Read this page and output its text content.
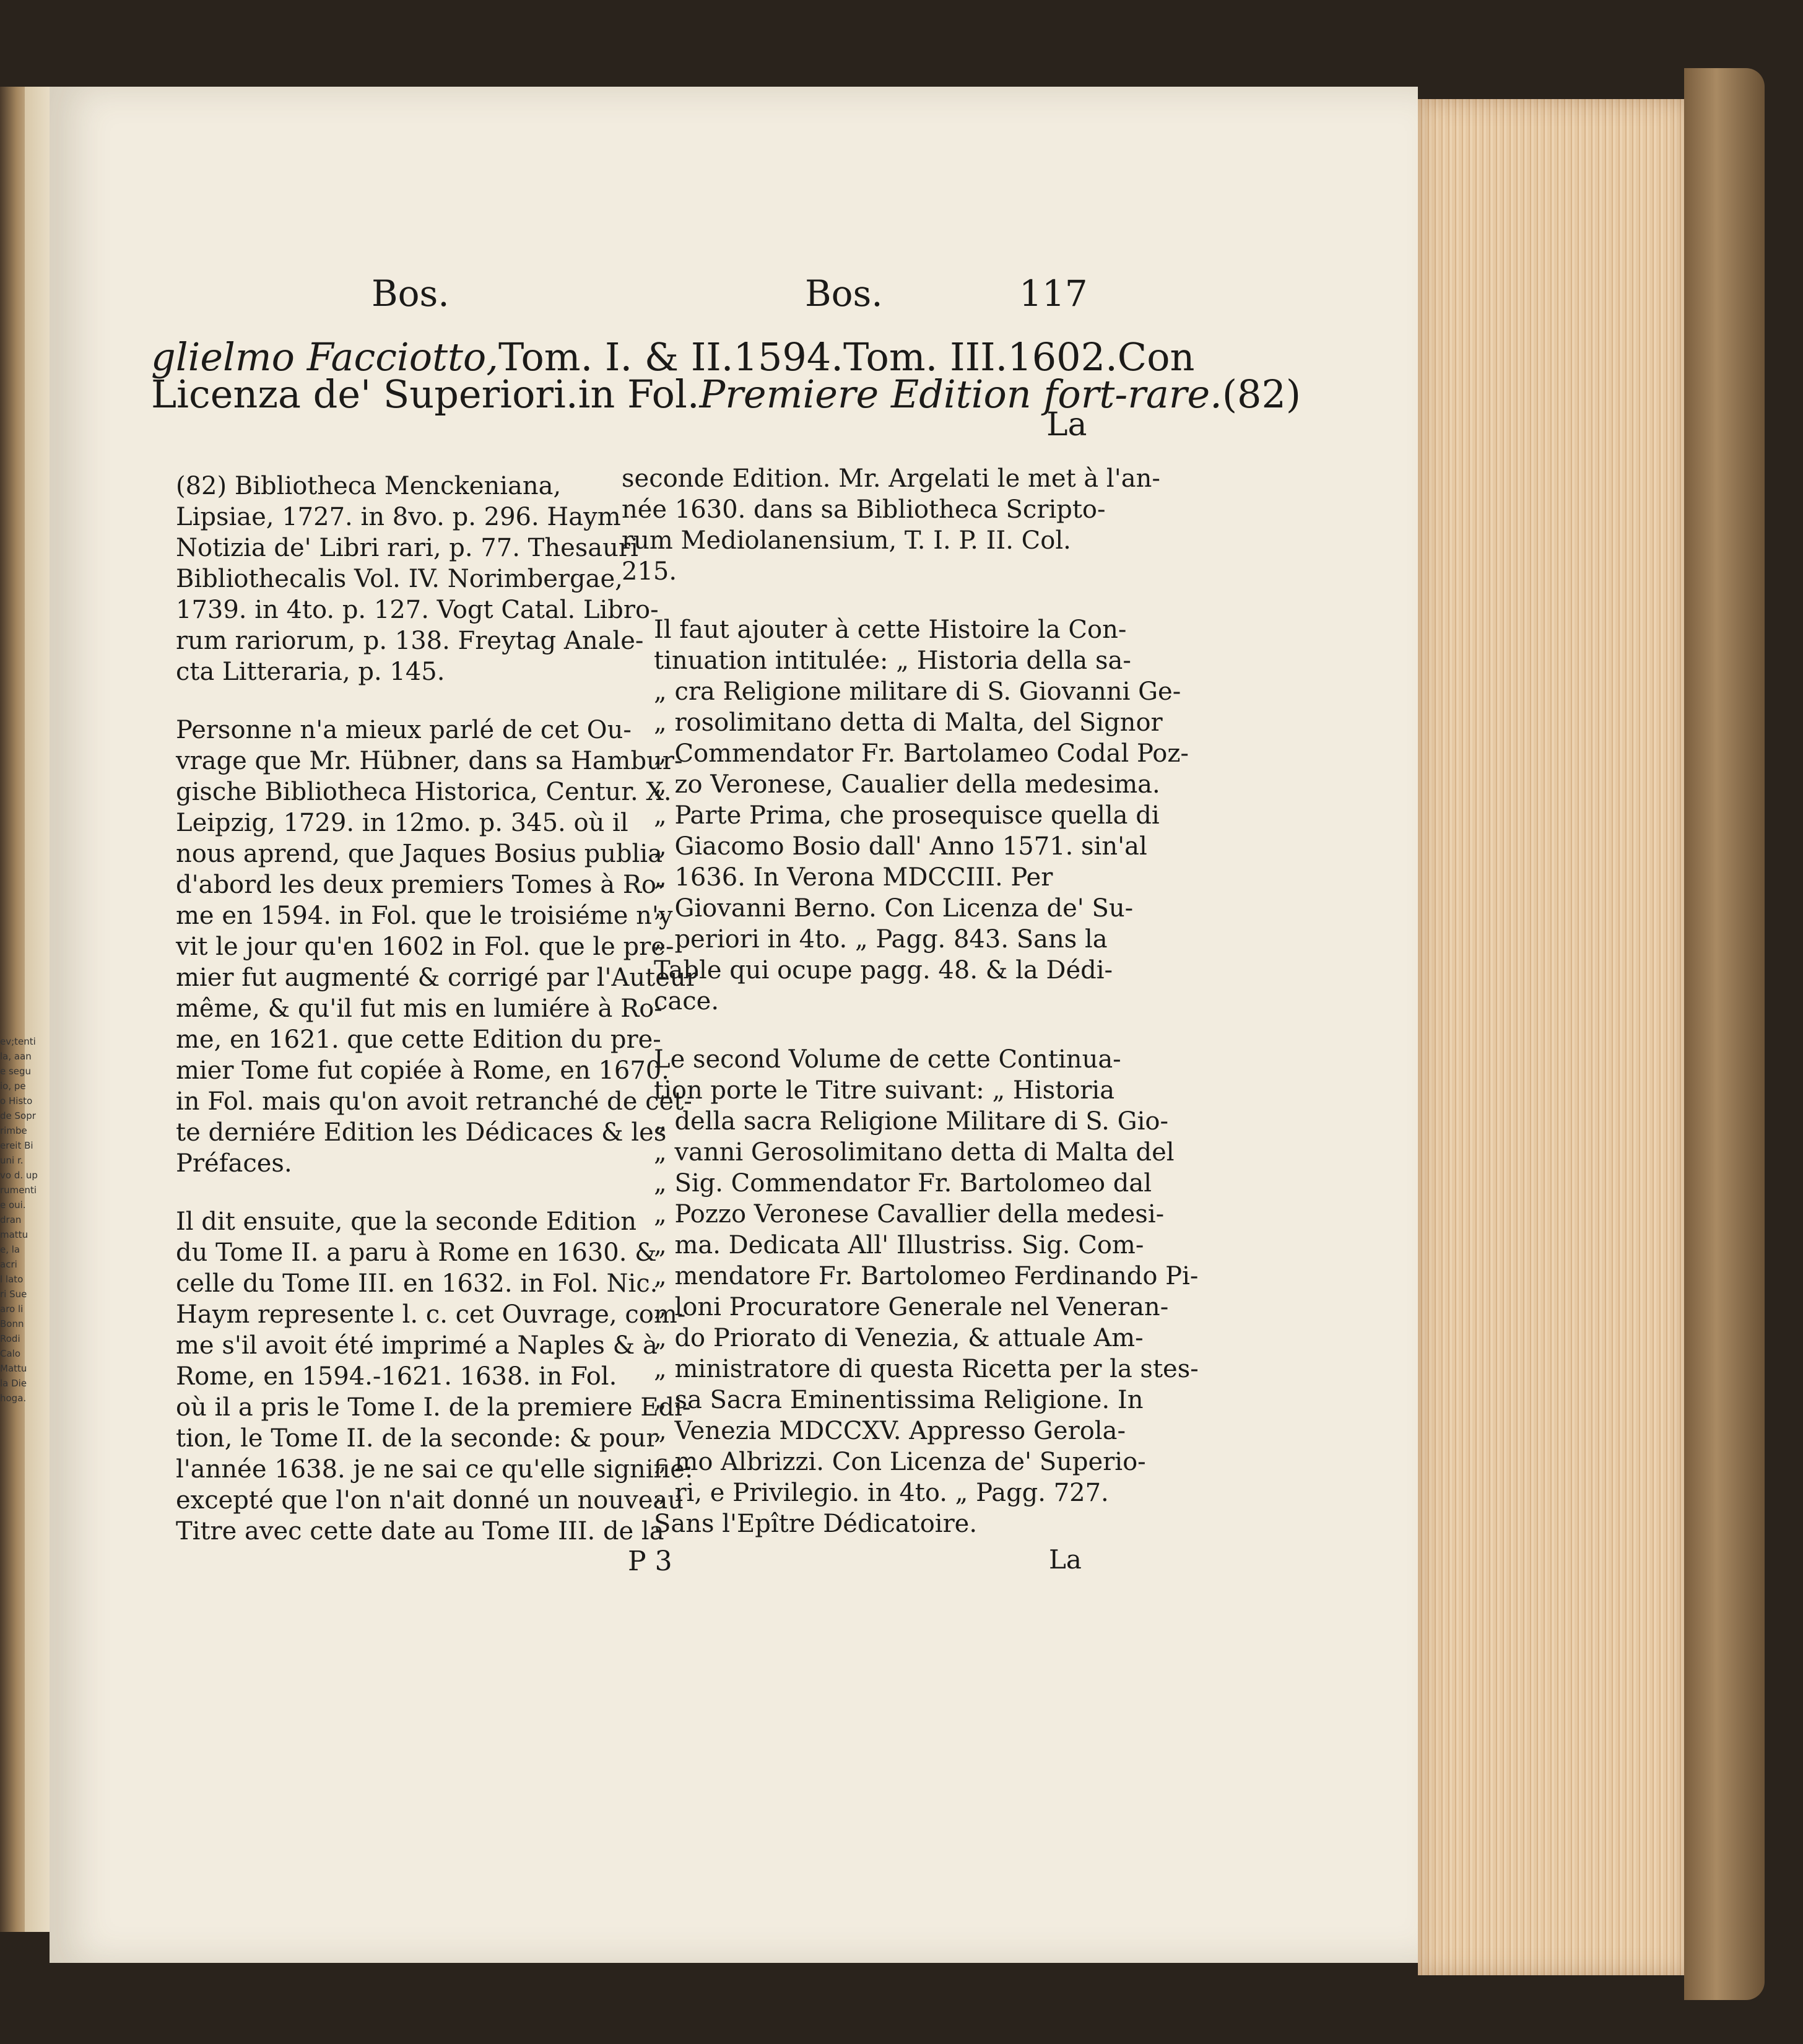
ev;tenti
la, aan
e segu
io, pe
o Histo
de Sopr
rimbe
ereit Bi
uni r.
vo d. up
rumenti
e oui.
dran
mattu
e, la
acri
l lato
ri Sue
aro li
Bonn
Rodi
Calo
Mattu
la Die
hoga.
Bos.	Bos.	117
glielmo Facciotto, Tom. I. & II. 1594. Tom. III. 1602. Con
Licenza de' Superiori. in Fol. Premiere Edition fort-rare. (82)
La

(82) Bibliotheca Menckeniana,
Lipsiae, 1727. in 8vo. p. 296. Haym
Notizia de' Libri rari, p. 77. Thesauri
Bibliothecalis Vol. IV. Norimbergae,
1739. in 4to. p. 127. Vogt Catal. Libro-
rum rariorum, p. 138. Freytag Anale-
cta Litteraria, p. 145.

Personne n'a mieux parlé de cet Ou-
vrage que Mr. Hübner, dans sa Hambur-
gische Bibliotheca Historica, Centur. X.
Leipzig, 1729. in 12mo. p. 345. où il
nous aprend, que Jaques Bosius publia
d'abord les deux premiers Tomes à Ro-
me en 1594. in Fol. que le troisiéme n'y
vit le jour qu'en 1602 in Fol. que le pre-
mier fut augmenté & corrigé par l'Auteur
même, & qu'il fut mis en lumiére à Ro-
me, en 1621. que cette Edition du pre-
mier Tome fut copiée à Rome, en 1670.
in Fol. mais qu'on avoit retranché de cet-
te derniére Edition les Dédicaces & les
Préfaces.

Il dit ensuite, que la seconde Edition
du Tome II. a paru à Rome en 1630. &
celle du Tome III. en 1632. in Fol. Nic.
Haym represente l. c. cet Ouvrage, com-
me s'il avoit été imprimé a Naples & à
Rome, en 1594.-1621. 1638. in Fol.
où il a pris le Tome I. de la premiere Edi-
tion, le Tome II. de la seconde: & pour
l'année 1638. je ne sai ce qu'elle signifie:
excepté que l'on n'ait donné un nouveau
Titre avec cette date au Tome III. de la

seconde Edition. Mr. Argelati le met à l'an-
née 1630. dans sa Bibliotheca Scripto-
rum Mediolanensium, T. I. P. II. Col.
215.

Il faut ajouter à cette Histoire la Con-
tinuation intitulée: „ Historia della sa-
„ cra Religione militare di S. Giovanni Ge-
„ rosolimitano detta di Malta, del Signor
„ Commendator Fr. Bartolameo Codal Poz-
„ zo Veronese, Caualier della medesima.
„ Parte Prima, che prosequisce quella di
„ Giacomo Bosio dall' Anno 1571. sin'al
„ 1636. In Verona MDCCIII. Per
„ Giovanni Berno. Con Licenza de' Su-
„ periori in 4to. „ Pagg. 843. Sans la
Table qui ocupe pagg. 48. & la Dédi-
cace.

Le second Volume de cette Continua-
tion porte le Titre suivant: „ Historia
„ della sacra Religione Militare di S. Gio-
„ vanni Gerosolimitano detta di Malta del
„ Sig. Commendator Fr. Bartolomeo dal
„ Pozzo Veronese Cavallier della medesi-
„ ma. Dedicata All' Illustriss. Sig. Com-
„ mendatore Fr. Bartolomeo Ferdinando Pi-
„ loni Procuratore Generale nel Veneran-
„ do Priorato di Venezia, & attuale Am-
„ ministratore di questa Ricetta per la stes-
„ sa Sacra Eminentissima Religione. In
„ Venezia MDCCXV. Appresso Gerola-
„ mo Albrizzi. Con Licenza de' Superio-
„ ri, e Privilegio. in 4to. „ Pagg. 727.
Sans l'Epître Dédicatoire.

P 3	La
